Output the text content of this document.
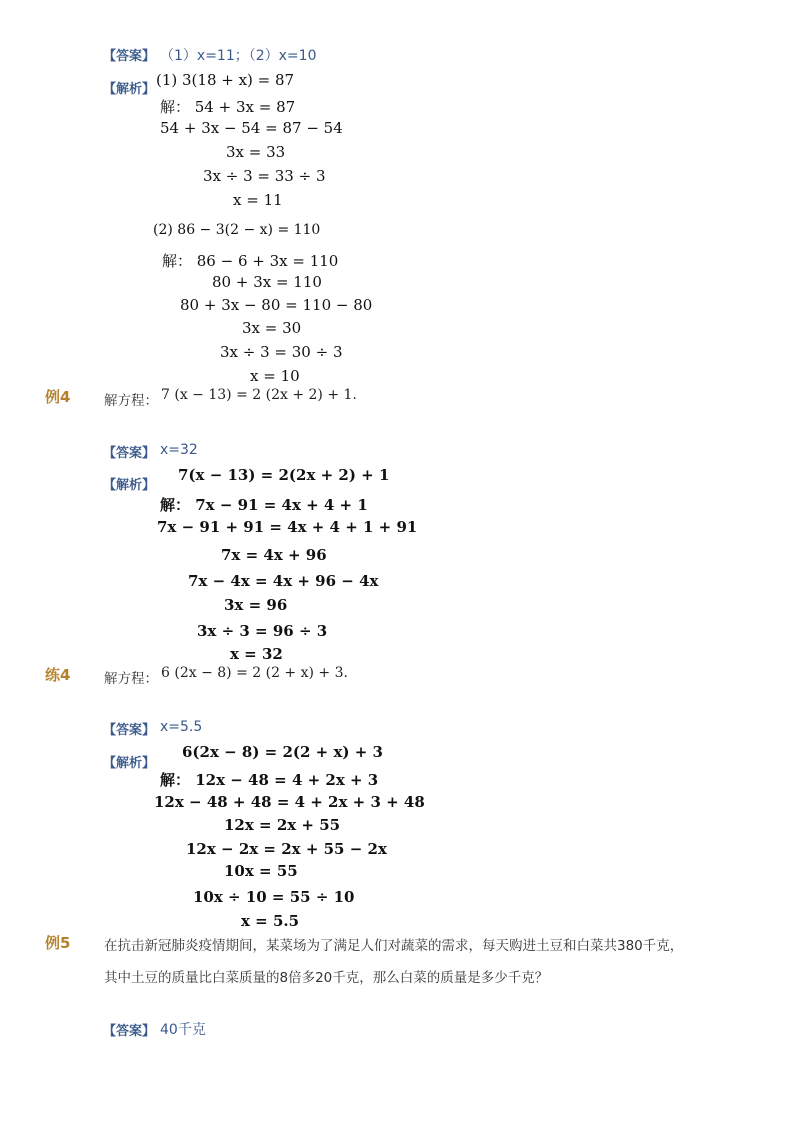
【答案】 （1）x=11；（2）x=10
【解析】
(1) 3(18 + x) = 87
解： 54 + 3x = 87
54 + 3x − 54 = 87 − 54
3x = 33
3x ÷ 3 = 33 ÷ 3
x = 11
(2) 86 − 3(2 − x) = 110
解： 86 − 6 + 3x = 110
80 + 3x = 110
80 + 3x − 80 = 110 − 80
3x = 30
3x ÷ 3 = 30 ÷ 3
x = 10
例4 解方程： 7 (x − 13) = 2 (2x + 2) + 1.
【答案】 x=32
【解析】
7(x − 13) = 2(2x + 2) + 1
解： 7x − 91 = 4x + 4 + 1
7x − 91 + 91 = 4x + 4 + 1 + 91
7x = 4x + 96
7x − 4x = 4x + 96 − 4x
3x = 96
3x ÷ 3 = 96 ÷ 3
x = 32
练4 解方程： 6 (2x − 8) = 2 (2 + x) + 3.
【答案】 x=5.5
【解析】
6(2x − 8) = 2(2 + x) + 3
解： 12x − 48 = 4 + 2x + 3
12x − 48 + 48 = 4 + 2x + 3 + 48
12x = 2x + 55
12x − 2x = 2x + 55 − 2x
10x = 55
10x ÷ 10 = 55 ÷ 10
x = 5.5
例5 在抗击新冠肺炎疫情期间，某菜场为了满足人们对蔬菜的需求，每天购进土豆和白菜共380千克，
其中土豆的质量比白菜质量的8倍多20千克，那么白菜的质量是多少千克？
【答案】 40千克
